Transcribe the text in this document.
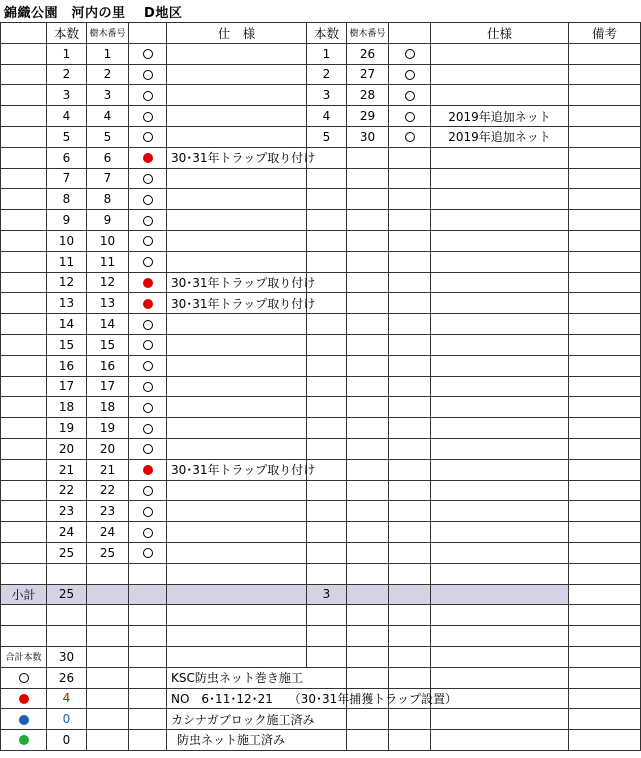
錦織公園　河内の里　 D地区
	本数	樹木番号		仕　様	本数	樹木番号		仕様	備考
	1	1			1	26			
	2	2			2	27			
	3	3			3	28			
	4	4			4	29		2019年追加ネット	
	5	5			5	30		2019年追加ネット	
	6	6		30･31年トラップ取り付け					
	7	7							
	8	8							
	9	9							
	10	10							
	11	11							
	12	12		30･31年トラップ取り付け					
	13	13		30･31年トラップ取り付け					
	14	14							
	15	15							
	16	16							
	17	17							
	18	18							
	19	19							
	20	20							
	21	21		30･31年トラップ取り付け					
	22	22							
	23	23							
	24	24							
	25	25							

小計	25				3				

合計本数	30								
	26			KSC防虫ネット巻き施工					
	4			NO　6･11･12･21　 （30･31年捕獲トラップ設置）					
	0			カシナガブロック施工済み					
	0			防虫ネット施工済み					
